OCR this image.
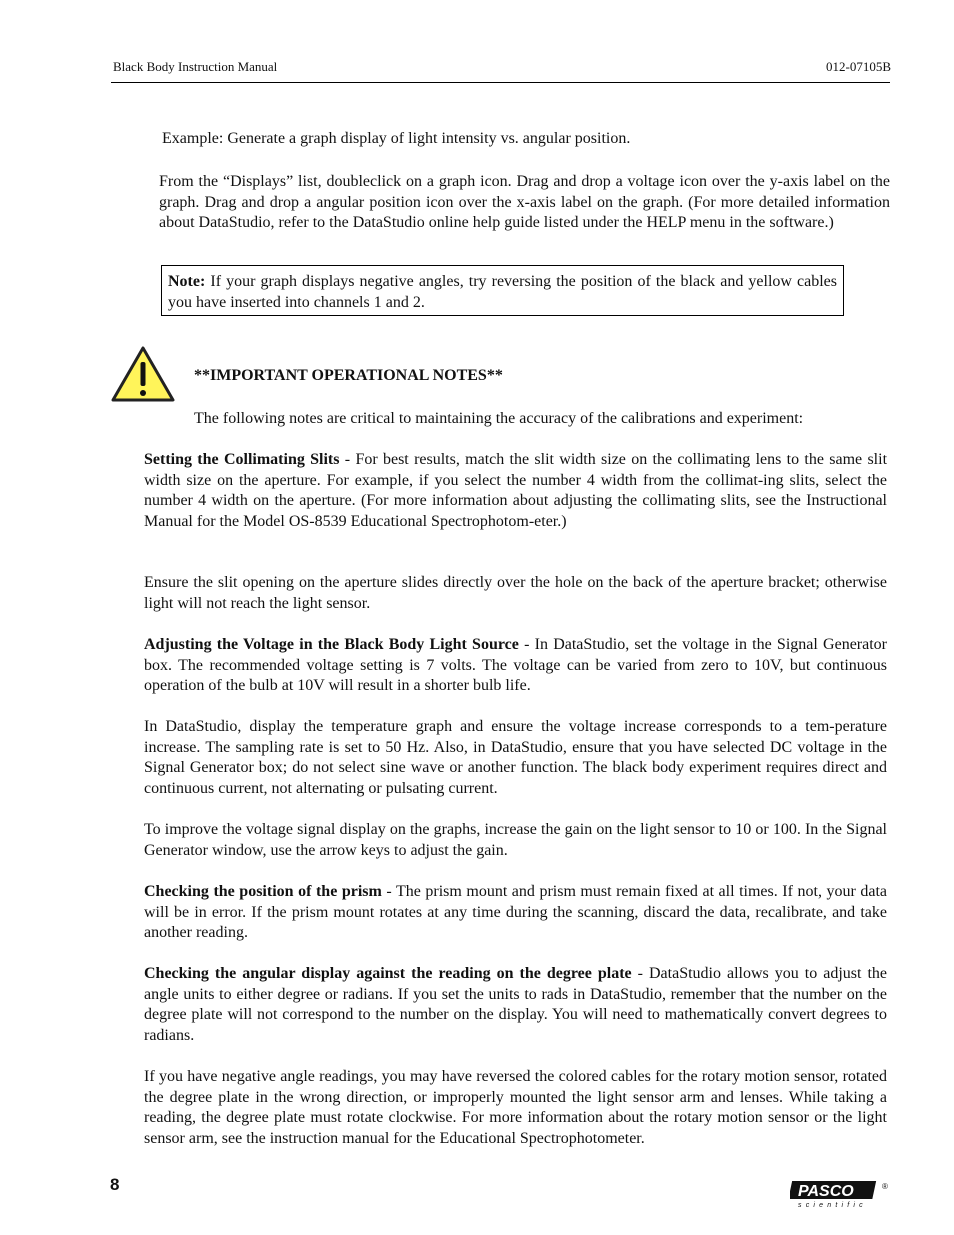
Black Body Instruction Manual	012-07105B

Example: Generate a graph display of light intensity vs. angular position.

From the “Displays” list, doubleclick on a graph icon. Drag and drop a voltage icon over the y-axis label on the graph. Drag and drop a angular position icon over the x-axis label on the graph. (For more detailed information about DataStudio, refer to the DataStudio online help guide listed under the HELP menu in the software.)

Note: If your graph displays negative angles, try reversing the position of the black and yellow cables you have inserted into channels 1 and 2.

**IMPORTANT OPERATIONAL NOTES**

The following notes are critical to maintaining the accuracy of the calibrations and experiment:

Setting the Collimating Slits - For best results, match the slit width size on the collimating lens to the same slit width size on the aperture. For example, if you select the number 4 width from the collimat-ing slits, select the number 4 width on the aperture. (For more information about adjusting the collimating slits, see the Instructional Manual for the Model OS-8539 Educational Spectrophotom-eter.)

Ensure the slit opening on the aperture slides directly over the hole on the back of the aperture bracket; otherwise light will not reach the light sensor.

Adjusting the Voltage in the Black Body Light Source - In DataStudio, set the voltage in the Signal Generator box. The recommended voltage setting is 7 volts. The voltage can be varied from zero to 10V, but continuous operation of the bulb at 10V will result in a shorter bulb life.

In DataStudio, display the temperature graph and ensure the voltage increase corresponds to a tem-perature increase. The sampling rate is set to 50 Hz. Also, in DataStudio, ensure that you have selected DC voltage in the Signal Generator box; do not select sine wave or another function. The black body experiment requires direct and continuous current, not alternating or pulsating current.

To improve the voltage signal display on the graphs, increase the gain on the light sensor to 10 or 100. In the Signal Generator window, use the arrow keys to adjust the gain.

Checking the position of the prism - The prism mount and prism must remain fixed at all times. If not, your data will be in error. If the prism mount rotates at any time during the scanning, discard the data, recalibrate, and take another reading.

Checking the angular display against the reading on the degree plate - DataStudio allows you to adjust the angle units to either degree or radians. If you set the units to rads in DataStudio, remember that the number on the degree plate will not correspond to the number on the display. You will need to mathematically convert degrees to radians.

If you have negative angle readings, you may have reversed the colored cables for the rotary motion sensor, rotated the degree plate in the wrong direction, or improperly mounted the light sensor arm and lenses. While taking a reading, the degree plate must rotate clockwise. For more information about the rotary motion sensor or the light sensor arm, see the instruction manual for the Educational Spectrophotometer.

8	PASCO	®
scientific
